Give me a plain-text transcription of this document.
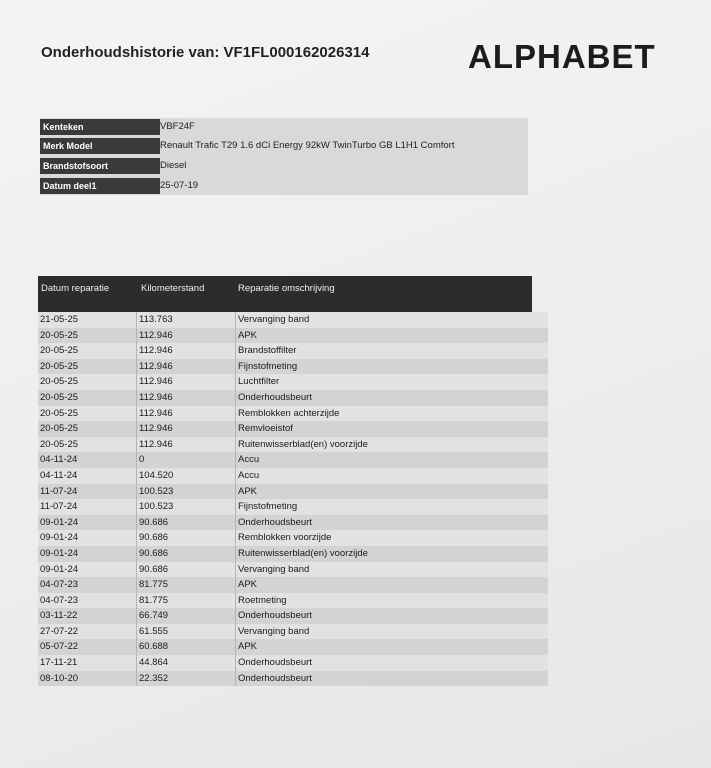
Onderhoudshistorie van: VF1FL000162026314	ALPHABET
Kenteken	VBF24F
Merk Model	Renault Trafic T29 1.6 dCi Energy 92kW TwinTurbo GB L1H1 Comfort
Brandstofsoort	Diesel
Datum deel1	25-07-19
Datum reparatie	Kilometerstand	Reparatie omschrijving
21-05-25	113.763	Vervanging band
20-05-25	112.946	APK
20-05-25	112.946	Brandstoffilter
20-05-25	112.946	Fijnstofmeting
20-05-25	112.946	Luchtfilter
20-05-25	112.946	Onderhoudsbeurt
20-05-25	112.946	Remblokken achterzijde
20-05-25	112.946	Remvloeistof
20-05-25	112.946	Ruitenwisserblad(en) voorzijde
04-11-24	0	Accu
04-11-24	104.520	Accu
11-07-24	100.523	APK
11-07-24	100.523	Fijnstofmeting
09-01-24	90.686	Onderhoudsbeurt
09-01-24	90.686	Remblokken voorzijde
09-01-24	90.686	Ruitenwisserblad(en) voorzijde
09-01-24	90.686	Vervanging band
04-07-23	81.775	APK
04-07-23	81.775	Roetmeting
03-11-22	66.749	Onderhoudsbeurt
27-07-22	61.555	Vervanging band
05-07-22	60.688	APK
17-11-21	44.864	Onderhoudsbeurt
08-10-20	22.352	Onderhoudsbeurt
